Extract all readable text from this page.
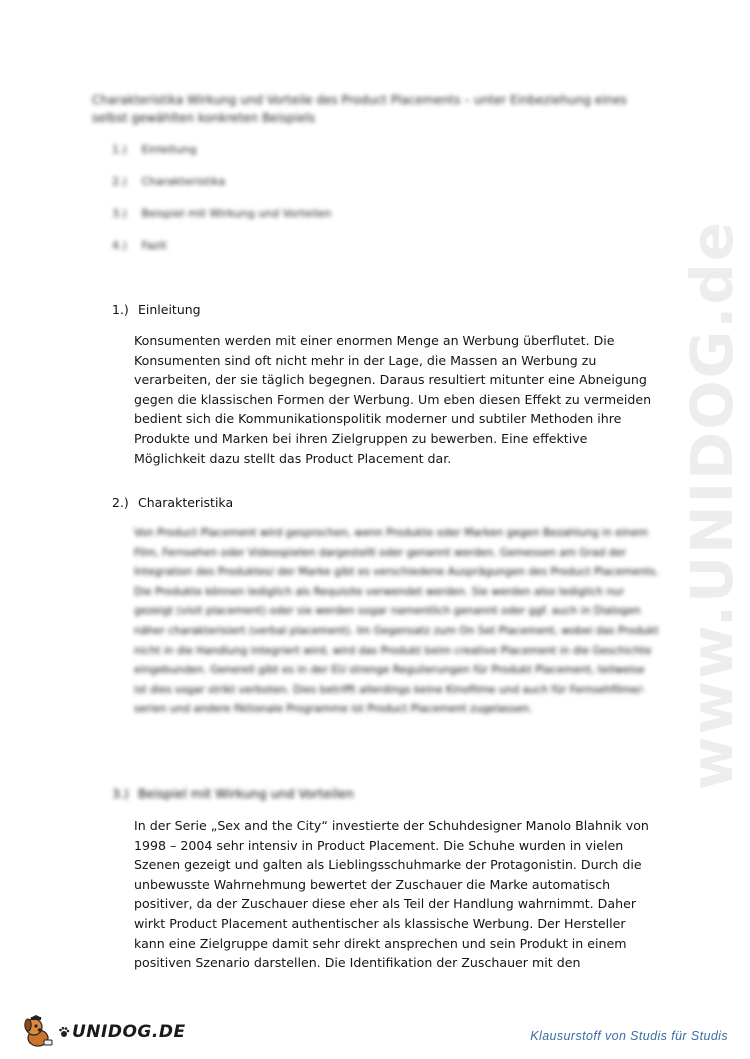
www.UNIDOG.de
Charakteristika Wirkung und Vorteile des Product Placements – unter Einbeziehung eines selbst gewählten konkreten Beispiels
1.) Einleitung
2.) Charakteristika
3.) Beispiel mit Wirkung und Vorteilen
4.) Fazit
1.) Einleitung

Konsumenten werden mit einer enormen Menge an Werbung überflutet. Die Konsumenten sind oft nicht mehr in der Lage, die Massen an Werbung zu verarbeiten, der sie täglich begegnen. Daraus resultiert mitunter eine Abneigung gegen die klassischen Formen der Werbung. Um eben diesen Effekt zu vermeiden bedient sich die Kommunikationspolitik moderner und subtiler Methoden ihre Produkte und Marken bei ihren Zielgruppen zu bewerben. Eine effektive Möglichkeit dazu stellt das Product Placement dar.

2.) Charakteristika

Von Product Placement wird gesprochen, wenn Produkte oder Marken gegen Bezahlung in einem Film, Fernsehen oder Videospielen dargestellt oder genannt werden. Gemessen am Grad der Integration des Produktes/ der Marke gibt es verschiedene Ausprägungen des Product Placements. Die Produkte können lediglich als Requisite verwendet werden. Sie werden also lediglich nur gezeigt (visit placement) oder sie werden sogar namentlich genannt oder ggf. auch in Dialogen näher charakterisiert (verbal placement). Im Gegensatz zum On Set Placement, wobei das Produkt nicht in die Handlung integriert wird, wird das Produkt beim creative Placement in die Geschichte eingebunden. Generell gibt es in der EU strenge Regulierungen für Produkt Placement, teilweise ist dies sogar strikt verboten. Dies betrifft allerdings keine Kinofilme und auch für Fernsehfilme/-serien und andere fiktionale Programme ist Product Placement zugelassen.

3.) Beispiel mit Wirkung und Vorteilen

In der Serie „Sex and the City“ investierte der Schuhdesigner Manolo Blahnik von 1998 – 2004 sehr intensiv in Product Placement. Die Schuhe wurden in vielen Szenen gezeigt und galten als Lieblingsschuhmarke der Protagonistin. Durch die unbewusste Wahrnehmung bewertet der Zuschauer die Marke automatisch positiver, da der Zuschauer diese eher als Teil der Handlung wahrnimmt. Daher wirkt Product Placement authentischer als klassische Werbung. Der Hersteller kann eine Zielgruppe damit sehr direkt ansprechen und sein Produkt in einem positiven Szenario darstellen. Die Identifikation der Zuschauer mit den

UNIDOG.DE	Klausurstoff von Studis für Studis
